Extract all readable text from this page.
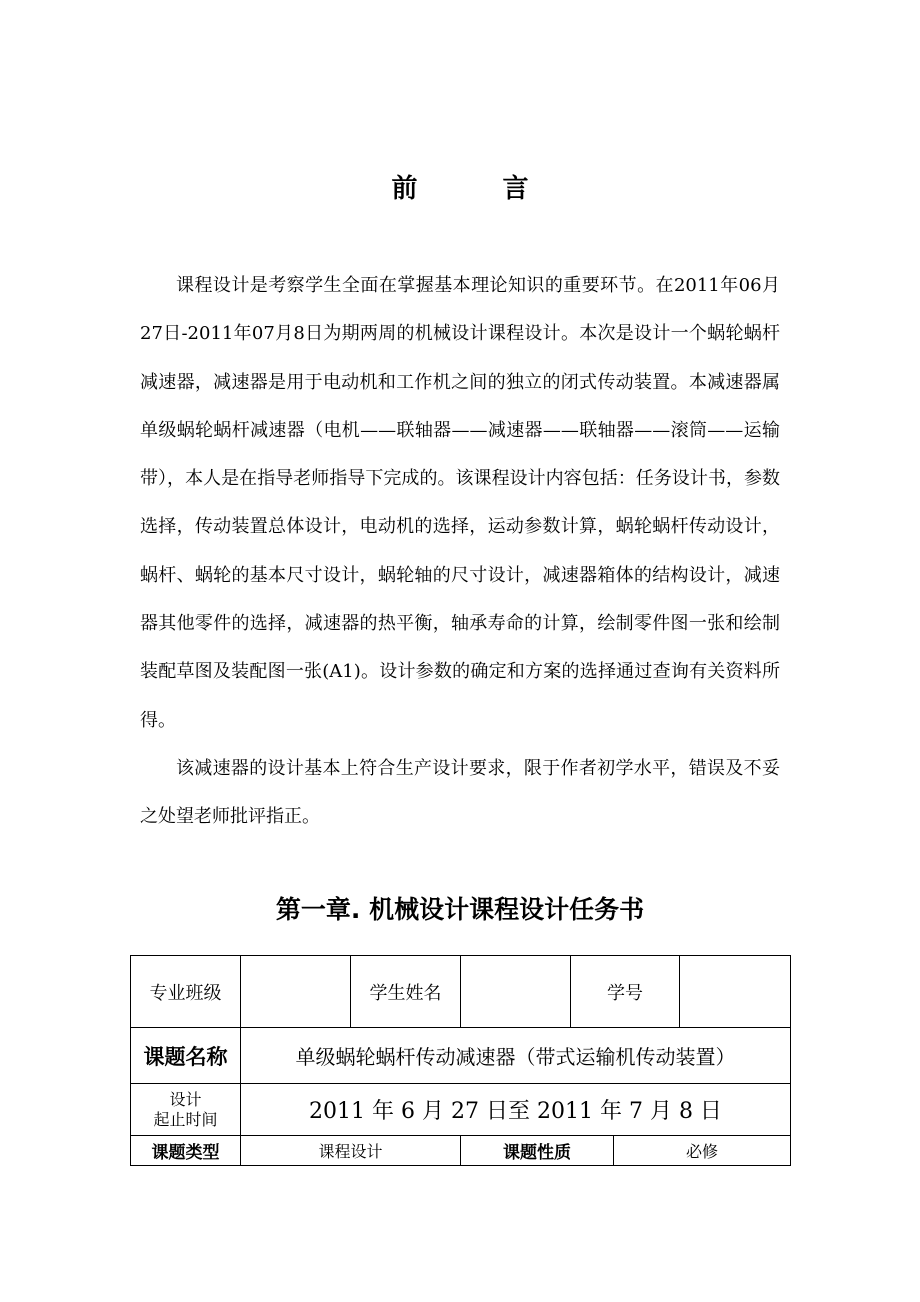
前 言

课程设计是考察学生全面在掌握基本理论知识的重要环节。在2011年06月27日-2011年07月8日为期两周的机械设计课程设计。本次是设计一个蜗轮蜗杆减速器，减速器是用于电动机和工作机之间的独立的闭式传动装置。本减速器属单级蜗轮蜗杆减速器（电机——联轴器——减速器——联轴器——滚筒——运输带），本人是在指导老师指导下完成的。该课程设计内容包括：任务设计书，参数选择，传动装置总体设计，电动机的选择，运动参数计算，蜗轮蜗杆传动设计，蜗杆、蜗轮的基本尺寸设计，蜗轮轴的尺寸设计，减速器箱体的结构设计，减速器其他零件的选择，减速器的热平衡，轴承寿命的计算，绘制零件图一张和绘制装配草图及装配图一张(A1)。设计参数的确定和方案的选择通过查询有关资料所得。

该减速器的设计基本上符合生产设计要求，限于作者初学水平，错误及不妥之处望老师批评指正。

第一章. 机械设计课程设计任务书
专业班级		学生姓名		学号		
课题名称	单级蜗轮蜗杆传动减速器（带式运输机传动装置）					

设计
起止时间	2011 年 6 月 27 日至 2011 年 7 月 8 日					
课题类型	课程设计		课题性质		必修	
